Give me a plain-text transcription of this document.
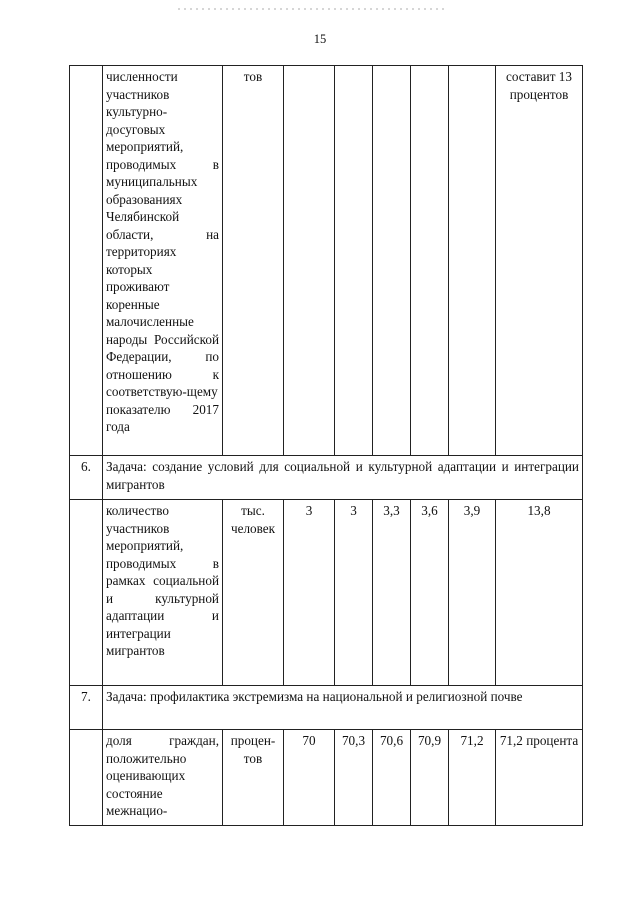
15

	численности участников культурно-досуговых мероприятий, проводимых в муниципальных образованиях Челябинской области, на территориях которых проживают коренные малочисленные народы Российской Федерации, по отношению к соответствую-щему показателю 2017 года	тов						составит 13 процентов
6.	Задача: создание условий для социальной и культурной адаптации и интеграции мигрантов							

	количество участников мероприятий, проводимых в рамках социальной и культурной адаптации и интеграции мигрантов	тыс. человек	3	3	3,3	3,6	3,9	13,8
7.	Задача: профилактика экстремизма на национальной и религиозной почве							

	доля граждан, положительно оценивающих состояние межнацио-	процен-тов	70	70,3	70,6	70,9	71,2	71,2 процента
